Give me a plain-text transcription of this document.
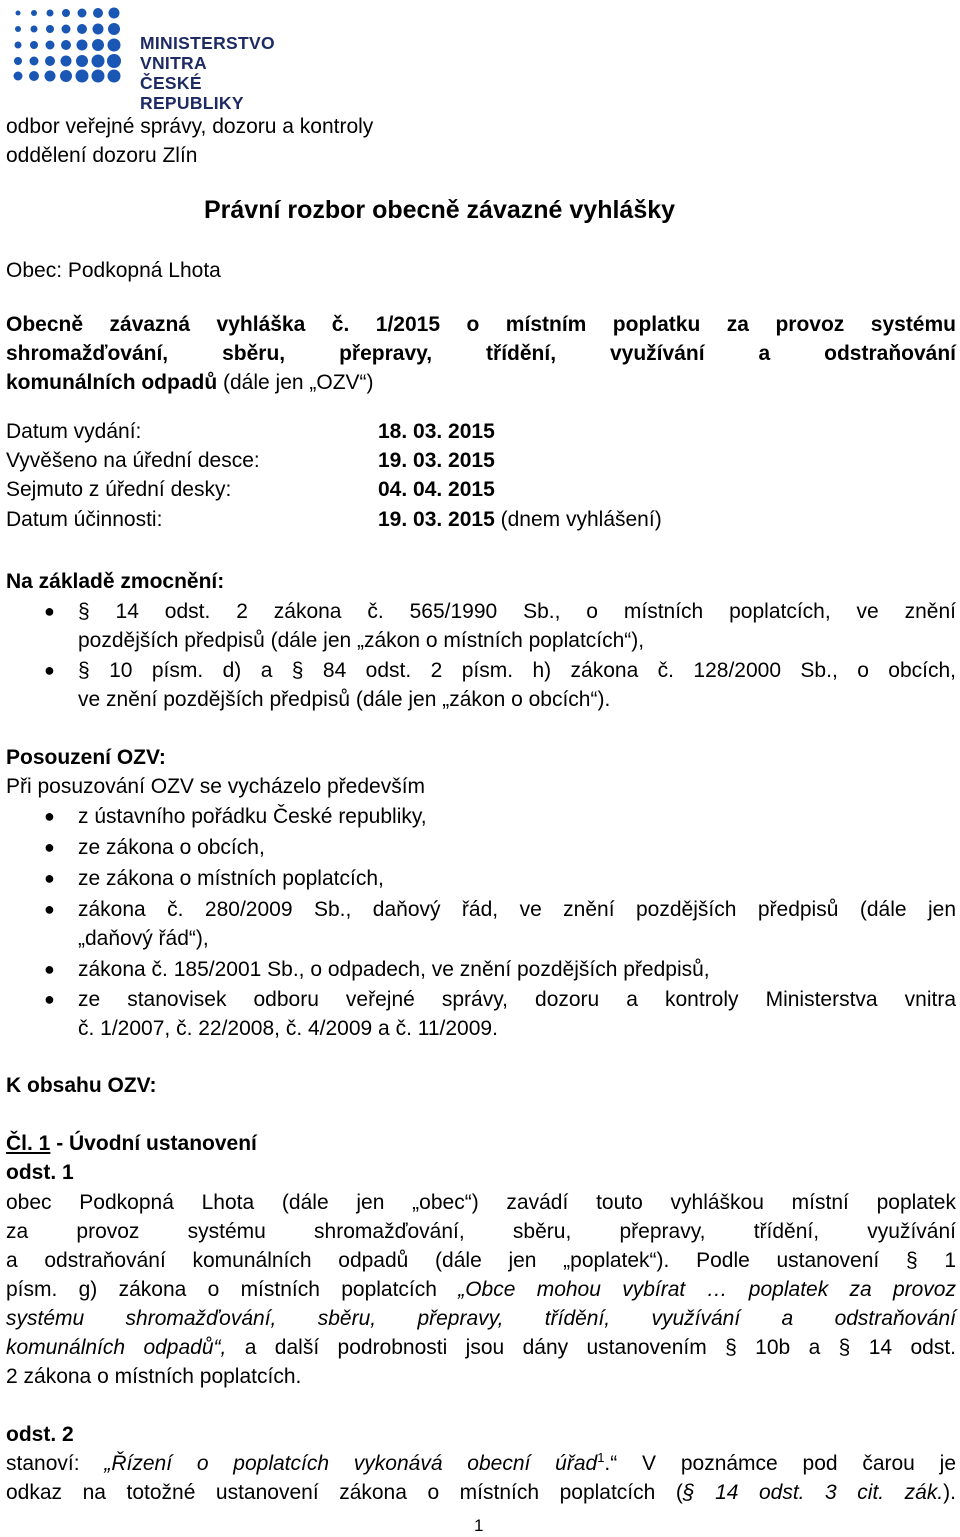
MINISTERSTVO VNITRA
ČESKÉ REPUBLIKY
odbor veřejné správy, dozoru a kontroly
oddělení dozoru Zlín
Právní rozbor obecně závazné vyhlášky
Obec: Podkopná Lhota
Obecně závazná vyhláška č. 1/2015 o místním poplatku za provoz systému
shromažďování, sběru, přepravy, třídění, využívání a odstraňování
komunálních odpadů (dále jen „OZV“)
Datum vydání:	18. 03. 2015
Vyvěšeno na úřední desce:	19. 03. 2015
Sejmuto z úřední desky:	04. 04. 2015
Datum účinnosti:	19. 03. 2015 (dnem vyhlášení)
Na základě zmocnění:
● § 14 odst. 2 zákona č. 565/1990 Sb., o místních poplatcích, ve znění
pozdějších předpisů (dále jen „zákon o místních poplatcích“),
● § 10 písm. d) a § 84 odst. 2 písm. h) zákona č. 128/2000 Sb., o obcích,
ve znění pozdějších předpisů (dále jen „zákon o obcích“).
Posouzení OZV:
Při posuzování OZV se vycházelo především
● z ústavního pořádku České republiky,
● ze zákona o obcích,
● ze zákona o místních poplatcích,
● zákona č. 280/2009 Sb., daňový řád, ve znění pozdějších předpisů (dále jen
„daňový řád“),
● zákona č. 185/2001 Sb., o odpadech, ve znění pozdějších předpisů,
● ze stanovisek odboru veřejné správy, dozoru a kontroly Ministerstva vnitra
č. 1/2007, č. 22/2008, č. 4/2009 a č. 11/2009.
K obsahu OZV:
Čl. 1 - Úvodní ustanovení
odst. 1
obec Podkopná Lhota (dále jen „obec“) zavádí touto vyhláškou místní poplatek
za provoz systému shromažďování, sběru, přepravy, třídění, využívání
a odstraňování komunálních odpadů (dále jen „poplatek“). Podle ustanovení § 1
písm. g) zákona o místních poplatcích „Obce mohou vybírat … poplatek za provoz
systému shromažďování, sběru, přepravy, třídění, využívání a odstraňování
komunálních odpadů“, a další podrobnosti jsou dány ustanovením § 10b a § 14 odst.
2 zákona o místních poplatcích.
odst. 2
stanoví: „Řízení o poplatcích vykonává obecní úřad$^1$.“ V poznámce pod čarou je
odkaz na totožné ustanovení zákona o místních poplatcích (§ 14 odst. 3 cit. zák.).
1
